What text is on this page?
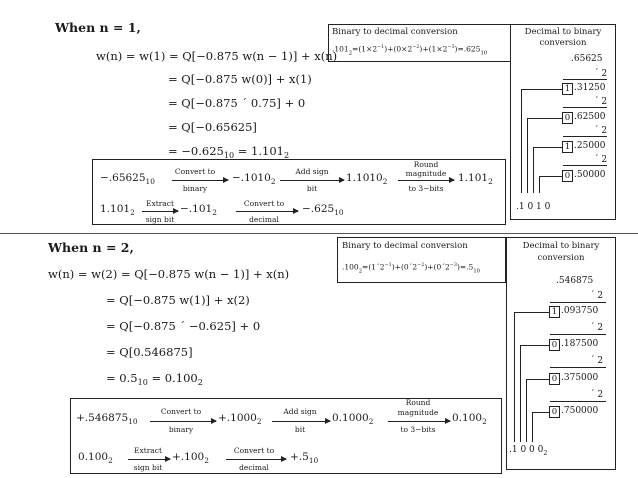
When n = 1,
w(n) = w(1) = Q[−0.875 w(n − 1)] + x(n)
= Q[−0.875 w(0)] + x(1)
= Q[−0.875 ´ 0.75] + 0
= Q[−0.65625]
= $-0.625_{10} = 1.101_2$
Binary to decimal conversion
$.101_2=(1\times 2^{-1})+(0\times 2^{-2})+(1\times 2^{-3})=.625_{10}$
Decimal to binary
conversion
.65625
´ 2
1 .31250
´ 2
0 .62500
´ 2
1 .25000
´ 2
0 .50000
.1 0 1 0
$-.65625_{10}$
Convert to
binary
$-.1010_2$
Add sign
bit
$1.1010_2$
Round
magnitude
to 3−bits
$1.101_2$
$1.101_2$
Extract
sign bit
$-.101_2$
Convert to
decimal
$-.625_{10}$
When n = 2,
w(n) = w(2) = Q[−0.875 w(n − 1)] + x(n)
= Q[−0.875 w(1)] + x(2)
= Q[−0.875 ´ −0.625] + 0
= Q[0.546875]
= $0.5_{10} = 0.100_2$
Binary to decimal conversion
$.100_2=(1´2^{-1})+(0´2^{-2})+(0´2^{-3})=.5_{10}$
Decimal to binary
conversion
.546875
´ 2
1 .093750
´ 2
0 .187500
´ 2
0 .375000
´ 2
0 .750000
.1 0 0 $0_2$
$+.546875_{10}$
Convert to
binary
$+.1000_2$
Add sign
bit
$0.1000_2$
Round
magnitude
to 3−bits
$0.100_2$
$0.100_2$
Extract
sign bit
$+.100_2$
Convert to
decimal
$+.5_{10}$
